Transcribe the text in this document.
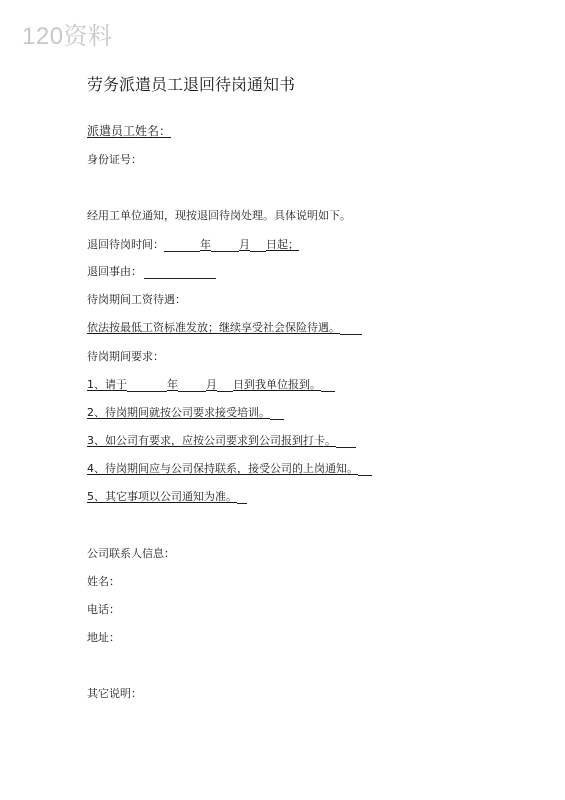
120资料
劳务派遣员工退回待岗通知书
派遣员工姓名：
身份证号：
经用工单位通知，现按退回待岗处理。具体说明如下。
退回待岗时间：	年	月 日起；
退回事由：
待岗期间工资待遇：
依法按最低工资标准发放；继续享受社会保险待遇。
待岗期间要求：
1、请于	年	月 日到我单位报到。
2、待岗期间就按公司要求接受培训。
3、如公司有要求，应按公司要求到公司报到打卡。
4、待岗期间应与公司保持联系，接受公司的上岗通知。
5、其它事项以公司通知为准。
公司联系人信息：
姓名：
电话：
地址：
其它说明：
